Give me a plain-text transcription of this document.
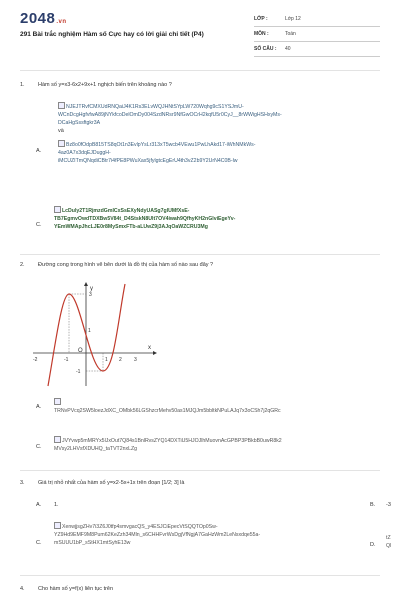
2048.vn
291 Bài trắc nghiệm Hàm số Cực hay có lời giải chi tiết (P4)
LỚP :	Lớp 12
MÔN :	Toán
SỐ CÂU :	40
1.	Hàm số y=x3-6x2+9x+1 nghịch biến trên khoảng nào ?
NJEJTRvfCMXUdRNQaiJ4K1Rs3ELvWQJHNtSYpLW720Wqhg9cS1YSJmU-
WCnDcgHgfvfwA89jNYkfcoDelOmDy004SzdNRsr9NfGwOCrH2kqfU5r0CyJ__8rWWigHSHxyMs-
DCaHgSssftgkr3A
và
A.
Bz8o0fOdpB815TS8qOt1n3EvlpYsLr313xT5wcb4VEwu1PwLhAkd17-iWhNMkWs-
4az0A7x3dqEJDuggH-
iMCUZITmQNqdiCBtr7i4fPE8PWuXax5jfylgtcEgErU4th3vZ2b9Y2UrN4C0B-lw
C.
LcDuly2T1RjmzdGmlCxSsEXyNdyUASg7glUMfXsE-
TB7EgmvOwdTDXBw5V84t_D4StskN8Ult7OV4iwah9QfhyKH2nGlviEgeYv-
YEmWMApJhcLJE0r8MySmxFTb-aLUwZ9j3AJqOaWZCRU3Mg
2.	Đường cong trong hình vẽ bên dưới là đồ thị của hàm số nào sau đây ?
y
x
O
3
1
-1
-2	-1	1 2 3
A.

TRNvPVcq2SW5loezJdXC_OMbk56LGShzcrMehv50as1MJQJm5bbltkNPuLAJq7x3oCSh7j2qGRc
C.
JVYvwp5mMRYx5lJxOut7Q84s1BnlRvsZYQ14DXTiU5HJOJlhMuovnAcGPBP3PBkbB0uwR8k2
MVsy2LHVsfXDUHQ_taTVT2nxLZg
3.	Giá trị nhỏ nhất của hàm số y=x2-5x+1x trên đoạn [1/2; 3] là
A. 1.	B. -3
C.
XenwjjsgZHv7i3Z6J0tfp4smvgacQS_y4ESJCiEpecVtSQQTOp0Sw-
YZ9Hd9EMF9M8Pum62KeZzh34Mln_s6CHHFvrWsDgjVfNgjA7GaHzWm2LeNsxdqe55a-
mSUUU1bP_sStHX1mtSyhE13w	D.
tZ
QI
4.	Cho hàm số y=f(x) liên tục trên
